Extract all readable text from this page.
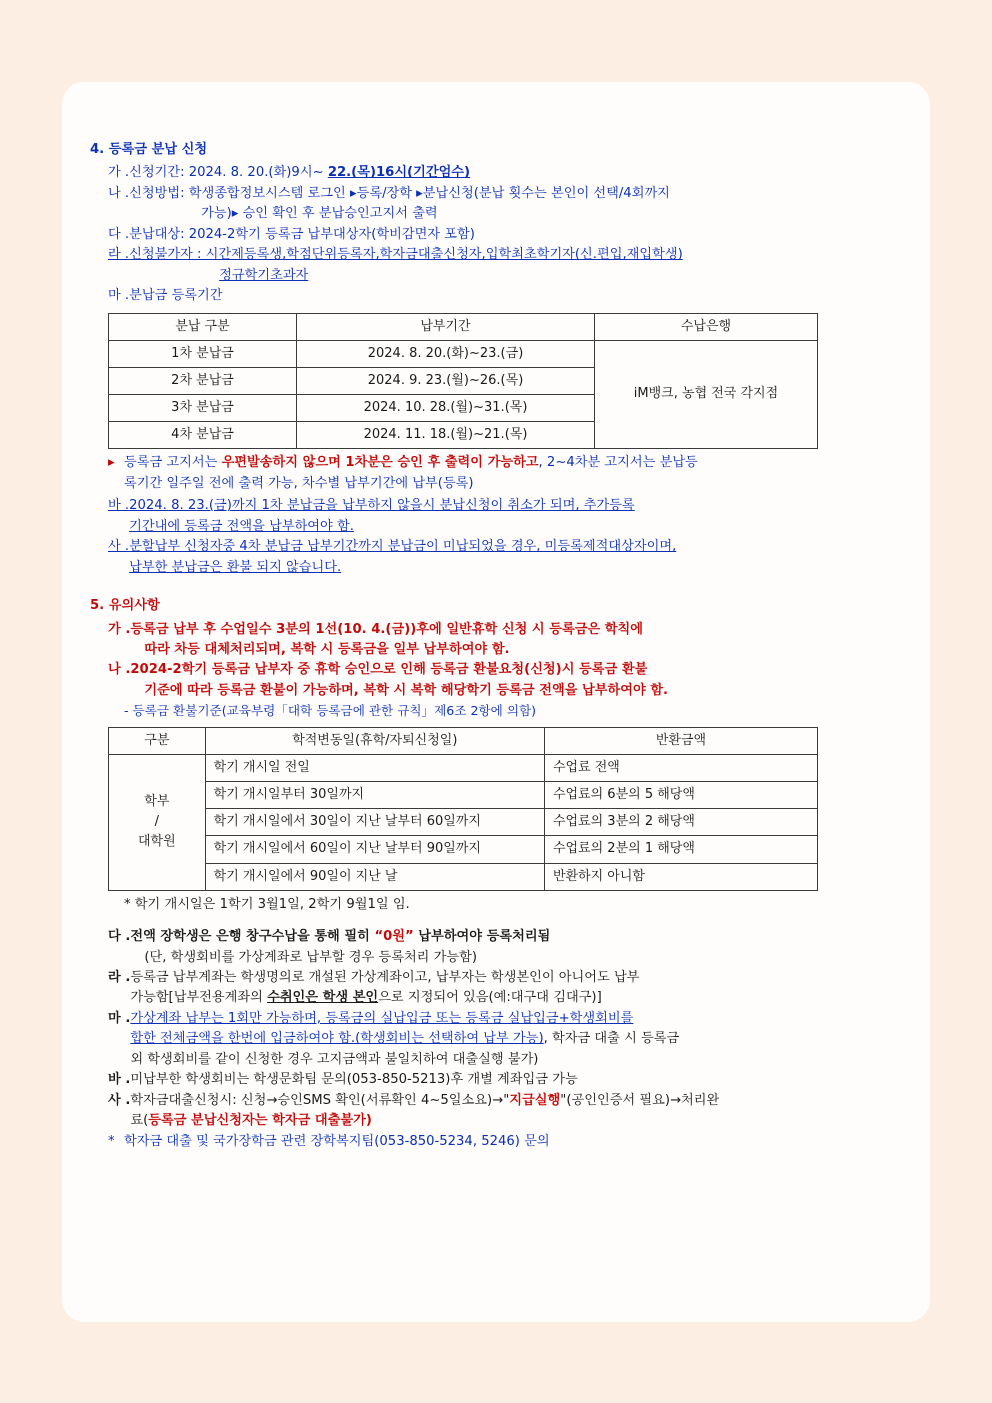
4. 등록금 분납 신청
가 . 신청기간: 2024. 8. 20.(화)9시~ 22.(목)16시(기간엄수)
나 . 신청방법: 학생종합정보시스템 로그인 ▸등록/장학 ▸분납신청(분납 횟수는 본인이 선택/4회까지
가능)▸ 승인 확인 후 분납승인고지서 출력
다 . 분납대상: 2024-2학기 등록금 납부대상자(학비감면자 포함)
라 . 신청불가자 : 시간제등록생,학점단위등록자,학자금대출신청자,입학최초학기자(신.편입,재입학생)
정규학기초과자
마 . 분납금 등록기간
분납 구분	납부기간	수납은행
1차 분납금	2024. 8. 20.(화)~23.(금)	iM뱅크, 농협 전국 각지점
2차 분납금	2024. 9. 23.(월)~26.(목)	
3차 분납금	2024. 10. 28.(월)~31.(목)	
4차 분납금	2024. 11. 18.(월)~21.(목)	
▸ 등록금 고지서는 우편발송하지 않으며 1차분은 승인 후 출력이 가능하고, 2~4차분 고지서는 분납등
록기간 일주일 전에 출력 가능, 차수별 납부기간에 납부(등록)
바 . 2024. 8. 23.(금)까지 1차 분납금을 납부하지 않을시 분납신청이 취소가 되며, 추가등록
기간내에 등록금 전액을 납부하여야 함.
사 . 분할납부 신청자중 4차 분납금 납부기간까지 분납금이 미납되었을 경우, 미등록제적대상자이며,
납부한 분납금은 환불 되지 않습니다.
5. 유의사항
가 . 등록금 납부 후 수업일수 3분의 1선(10. 4.(금))후에 일반휴학 신청 시 등록금은 학칙에
따라 차등 대체처리되며, 복학 시 등록금을 일부 납부하여야 함.
나 . 2024-2학기 등록금 납부자 중 휴학 승인으로 인해 등록금 환불요청(신청)시 등록금 환불
기준에 따라 등록금 환불이 가능하며, 복학 시 복학 해당학기 등록금 전액을 납부하여야 함.
- 등록금 환불기준(교육부령「대학 등록금에 관한 규칙」제6조 2항에 의함)
구분	학적변동일(휴학/자퇴신청일)	반환금액

학부
/
대학원	학기 개시일 전일	수업료 전액
	학기 개시일부터 30일까지	수업료의 6분의 5 해당액
	학기 개시일에서 30일이 지난 날부터 60일까지	수업료의 3분의 2 해당액
	학기 개시일에서 60일이 지난 날부터 90일까지	수업료의 2분의 1 해당액
	학기 개시일에서 90일이 지난 날	반환하지 아니함
* 학기 개시일은 1학기 3월1일, 2학기 9월1일 임.
다 . 전액 장학생은 은행 창구수납을 통해 필히 “0원” 납부하여야 등록처리됨
(단, 학생회비를 가상계좌로 납부할 경우 등록처리 가능함)
라 . 등록금 납부계좌는 학생명의로 개설된 가상계좌이고, 납부자는 학생본인이 아니어도 납부
가능함[납부전용계좌의 수취인은 학생 본인으로 지정되어 있음(예:대구대 김대구)]
마 . 가상계좌 납부는 1회만 가능하며, 등록금의 실납입금 또는 등록금 실납입금+학생회비를
합한 전체금액을 한번에 입금하여야 함.(학생회비는 선택하여 납부 가능), 학자금 대출 시 등록금
외 학생회비를 같이 신청한 경우 고지금액과 불일치하여 대출실행 불가)
바 . 미납부한 학생회비는 학생문화팀 문의(053-850-5213)후 개별 계좌입금 가능
사 . 학자금대출신청시: 신청→승인SMS 확인(서류확인 4~5일소요)→"지급실행"(공인인증서 필요)→처리완
료(등록금 분납신청자는 학자금 대출불가)
* 학자금 대출 및 국가장학금 관련 장학복지팀(053-850-5234, 5246) 문의
